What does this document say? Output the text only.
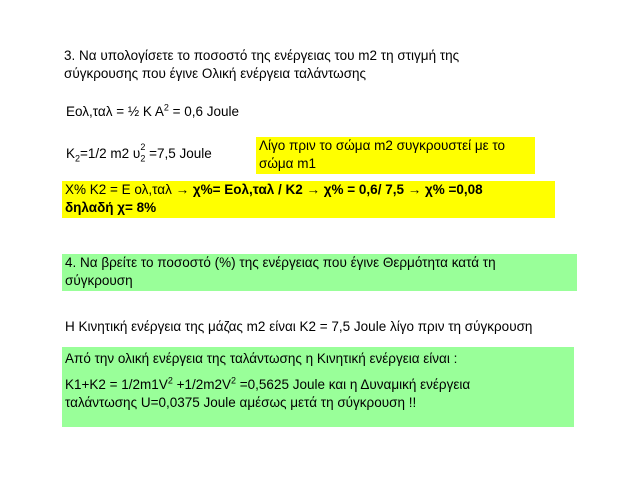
3. Να υπολογίσετε το ποσοστό της ενέργειας του m2 τη στιγμή της
σύγκρουσης που έγινε Ολική ενέργεια ταλάντωσης
Εολ,ταλ = ½ Κ $A^2 = 0,6$ Joule
$K_2=1/2$ m2 $\upsilon_2$
2 =7,5 Joule
Λίγο πριν το σώμα m2 συγκρουστεί με το
σώμα m1
Χ% Κ2 = Ε ολ,ταλ → χ%= Εολ,ταλ / Κ2 → χ% = 0,6/ 7,5 → χ% =0,08
δηλαδή χ= 8%
4. Να βρείτε το ποσοστό (%) της ενέργειας που έγινε Θερμότητα κατά τη
σύγκρουση
Η Κινητική ενέργεια της μάζας m2 είναι Κ2 = 7,5 Joule λίγο πριν τη σύγκρουση
Από την ολική ενέργεια της ταλάντωσης η Κινητική ενέργεια είναι :
$K1+K2 = 1/2m1V^2 +1/2m2V^2 =0,5625$ Joule και η Δυναμική ενέργεια
ταλάντωσης U=0,0375 Joule αμέσως μετά τη σύγκρουση !!
